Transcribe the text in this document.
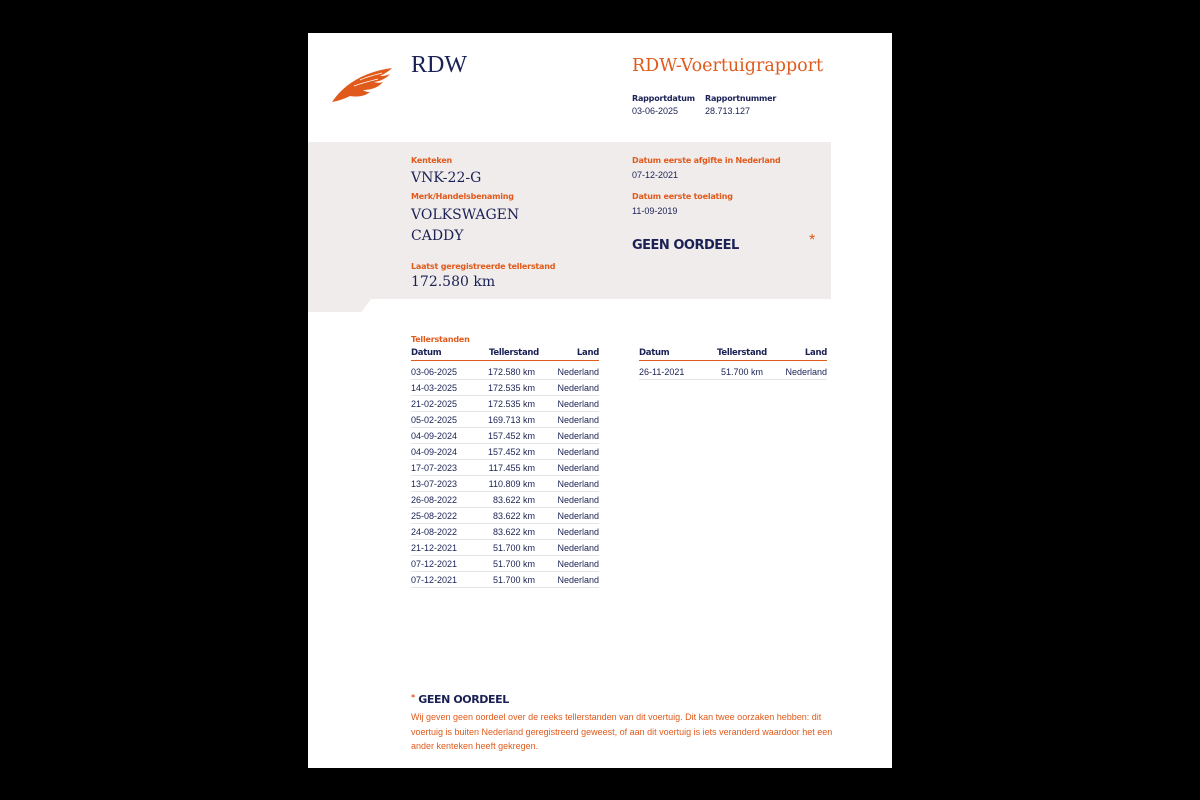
RDW	RDW-Voertuigrapport
Rapportdatum
03-06-2025
Rapportnummer
28.713.127
Kenteken
VNK-22-G
Merk/Handelsbenaming
VOLKSWAGEN
CADDY
Laatst geregistreerde tellerstand
172.580 km
Datum eerste afgifte in Nederland
07-12-2021
Datum eerste toelating
11-09-2019
GEEN OORDEEL	*
Tellerstanden
Datum	Tellerstand	Land
03-06-2025	172.580 km Nederland
14-03-2025	172.535 km Nederland
21-02-2025	172.535 km Nederland
05-02-2025	169.713 km Nederland
04-09-2024	157.452 km Nederland
04-09-2024	157.452 km Nederland
17-07-2023	117.455 km Nederland
13-07-2023	110.809 km Nederland
26-08-2022	83.622 km Nederland
25-08-2022	83.622 km Nederland
24-08-2022	83.622 km Nederland
21-12-2021	51.700 km Nederland
07-12-2021	51.700 km Nederland
07-12-2021	51.700 km Nederland
Datum	Tellerstand	Land
26-11-2021	51.700 km Nederland
* GEEN OORDEEL
Wij geven geen oordeel over de reeks tellerstanden van dit voertuig. Dit kan twee oorzaken hebben: dit voertuig is buiten Nederland geregistreerd geweest, of aan dit voertuig is iets veranderd waardoor het een ander kenteken heeft gekregen.
